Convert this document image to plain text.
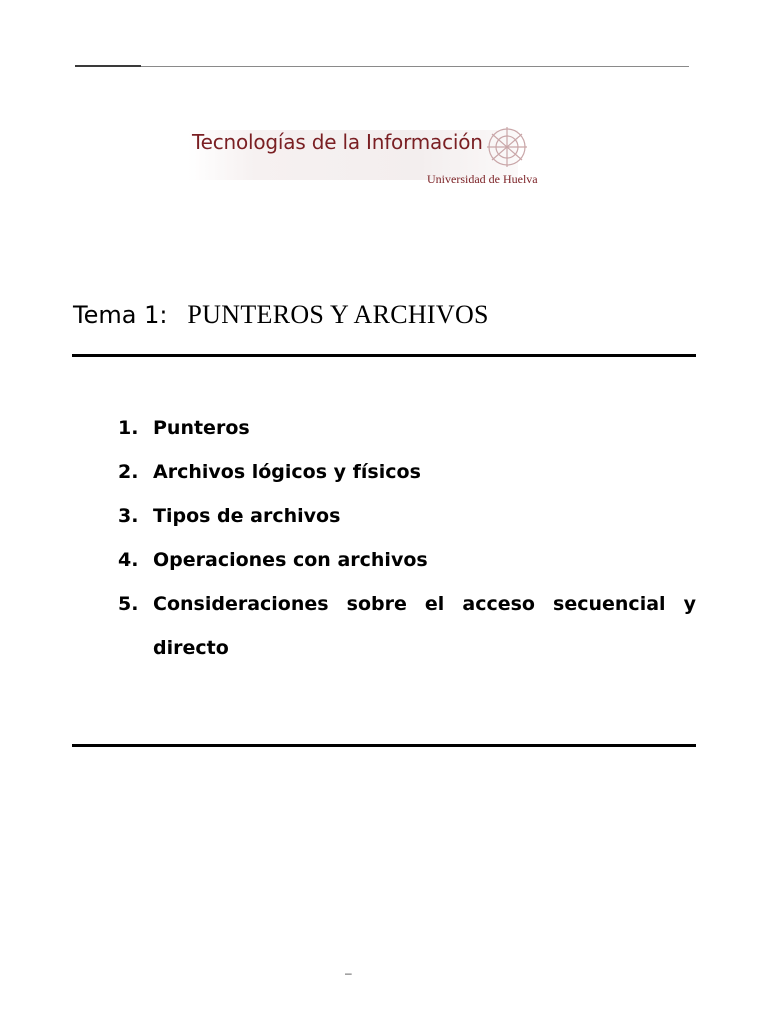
Tecnologías de la Información
Universidad de Huelva
Tema 1: PUNTEROS Y ARCHIVOS
1. Punteros
2. Archivos lógicos y físicos
3. Tipos de archivos
4. Operaciones con archivos
5. Consideraciones sobre el acceso secuencial y directo
–
